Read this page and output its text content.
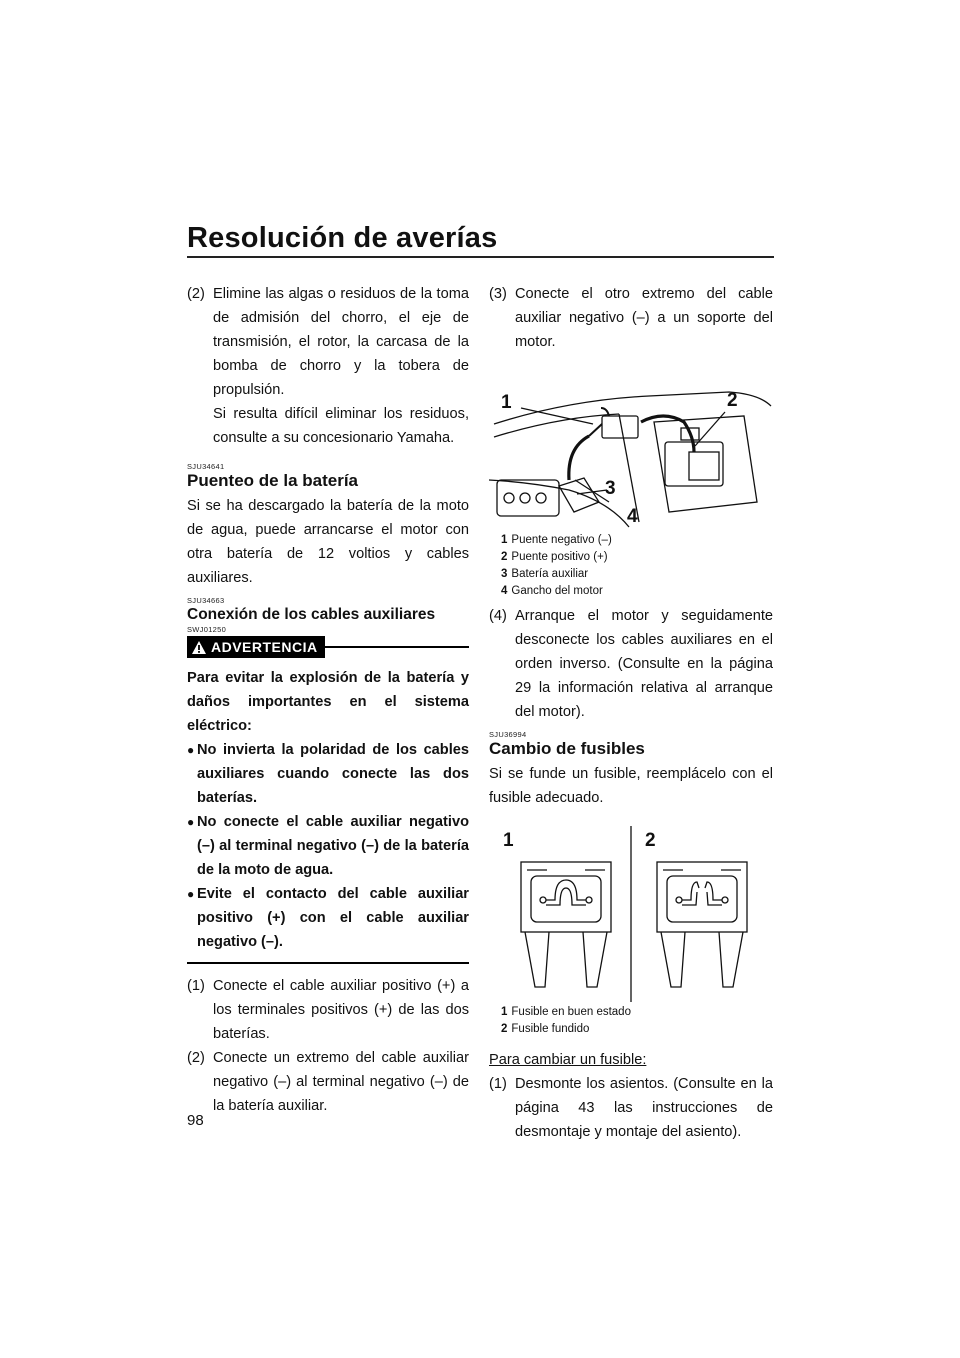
Resolución de averías
(2) Elimine las algas o residuos de la toma de admisión del chorro, el eje de transmisión, el rotor, la carcasa de la bomba de chorro y la tobera de propulsión.
Si resulta difícil eliminar los residuos, consulte a su concesionario Yamaha.
SJU34641
Puenteo de la batería

Si se ha descargado la batería de la moto de agua, puede arrancarse el motor con otra batería de 12 voltios y cables auxiliares.

SJU34663
Conexión de los cables auxiliares
SWJ01250
ADVERTENCIA
Para evitar la explosión de la batería y daños importantes en el sistema eléctrico:
● No invierta la polaridad de los cables auxiliares cuando conecte las dos baterías.
● No conecte el cable auxiliar negativo (–) al terminal negativo (–) de la batería de la moto de agua.
● Evite el contacto del cable auxiliar positivo (+) con el cable auxiliar negativo (–).
(1) Conecte el cable auxiliar positivo (+) a los terminales positivos (+) de las dos baterías.
(2) Conecte un extremo del cable auxiliar negativo (–) al terminal negativo (–) de la batería auxiliar.
(3) Conecte el otro extremo del cable auxiliar negativo (–) a un soporte del motor.
1	2
3
4
1 Puente negativo (–)
2 Puente positivo (+)
3 Batería auxiliar
4 Gancho del motor
(4) Arranque el motor y seguidamente desconecte los cables auxiliares en el orden inverso. (Consulte en la página 29 la información relativa al arranque del motor).
SJU36994
Cambio de fusibles

Si se funde un fusible, reemplácelo con el fusible adecuado.

1	2
1 Fusible en buen estado
2 Fusible fundido
Para cambiar un fusible:
(1) Desmonte los asientos. (Consulte en la página 43 las instrucciones de desmontaje y montaje del asiento).
98
